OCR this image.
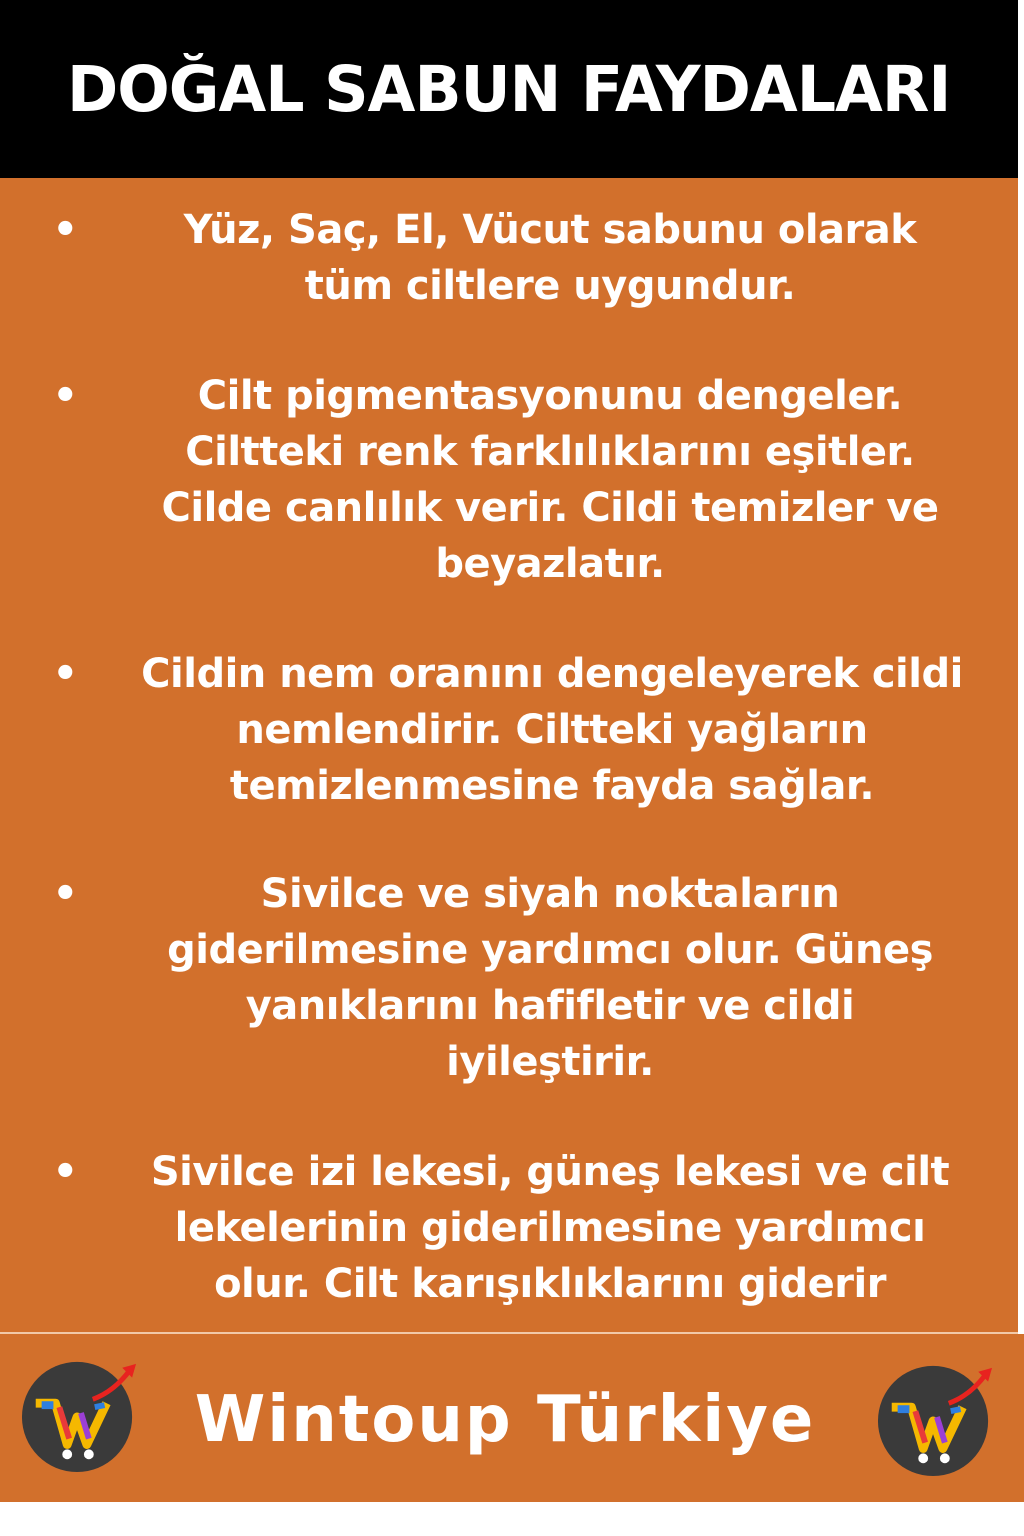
DOĞAL SABUN FAYDALARI
•	Yüz, Saç, El, Vücut sabunu olarak
tüm ciltlere uygundur.
•	Cilt pigmentasyonunu dengeler.
Ciltteki renk farklılıklarını eşitler.
Cilde canlılık verir. Cildi temizler ve
beyazlatır.
•	Cildin nem oranını dengeleyerek cildi
nemlendirir. Ciltteki yağların
temizlenmesine fayda sağlar.
•	Sivilce ve siyah noktaların
giderilmesine yardımcı olur. Güneş
yanıklarını hafifletir ve cildi
iyileştirir.
•	Sivilce izi lekesi, güneş lekesi ve cilt
lekelerinin giderilmesine yardımcı
olur. Cilt karışıklıklarını giderir
Wintoup Türkiye
